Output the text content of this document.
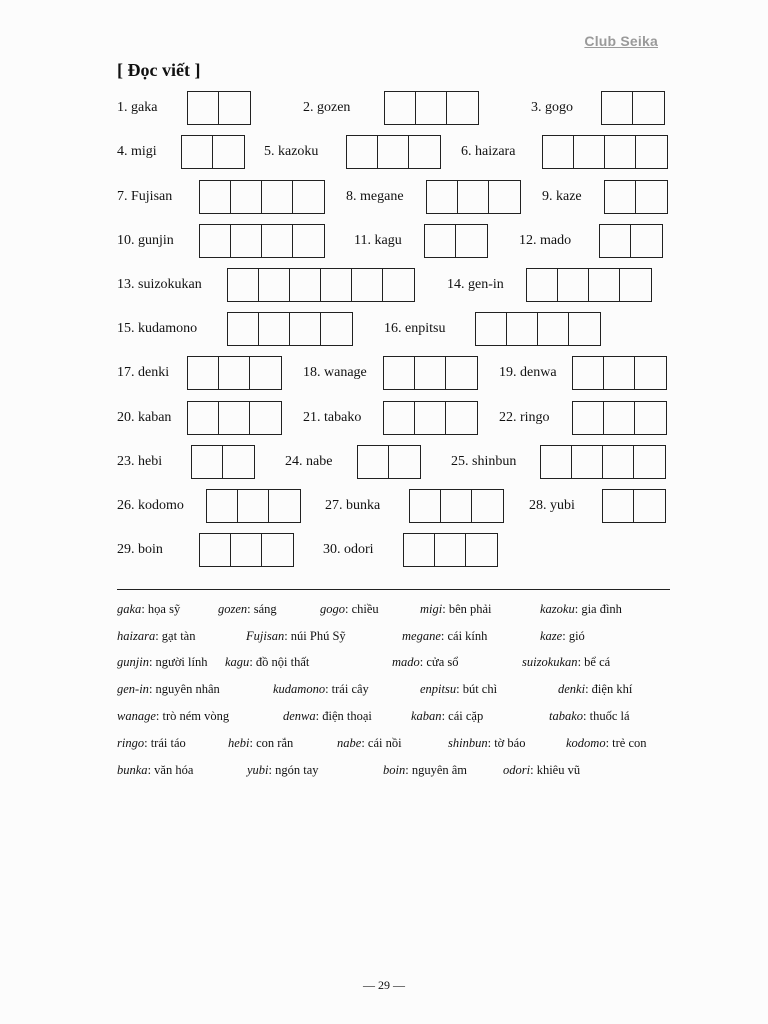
Club Seika
[ Đọc viết ]
1. gaka	2. gozen	3. gogo
4. migi	5. kazoku	6. haizara
7. Fujisan	8. megane	9. kaze
10. gunjin	11. kagu	12. mado
13. suizokukan	14. gen-in
15. kudamono	16. enpitsu
17. denki	18. wanage	19. denwa
20. kaban	21. tabako	22. ringo
23. hebi	24. nabe	25. shinbun
26. kodomo	27. bunka	28. yubi
29. boin	30. odori
gaka: họa sỹ	gozen: sáng	gogo: chiều	migi: bên phải	kazoku: gia đình
haizara: gạt tàn	Fujisan: núi Phú Sỹ	megane: cái kính	kaze: gió
gunjin: người lính kagu: đồ nội thất	mado: cửa sổ	suizokukan: bể cá
gen-in: nguyên nhân	kudamono: trái cây	enpitsu: bút chì	denki: điện khí
wanage: trò ném vòng	denwa: điện thoại	kaban: cái cặp	tabako: thuốc lá
ringo: trái táo	hebi: con rắn	nabe: cái nồi	shinbun: tờ báo	kodomo: trẻ con
bunka: văn hóa	yubi: ngón tay	boin: nguyên âm	odori: khiêu vũ
— 29 —
